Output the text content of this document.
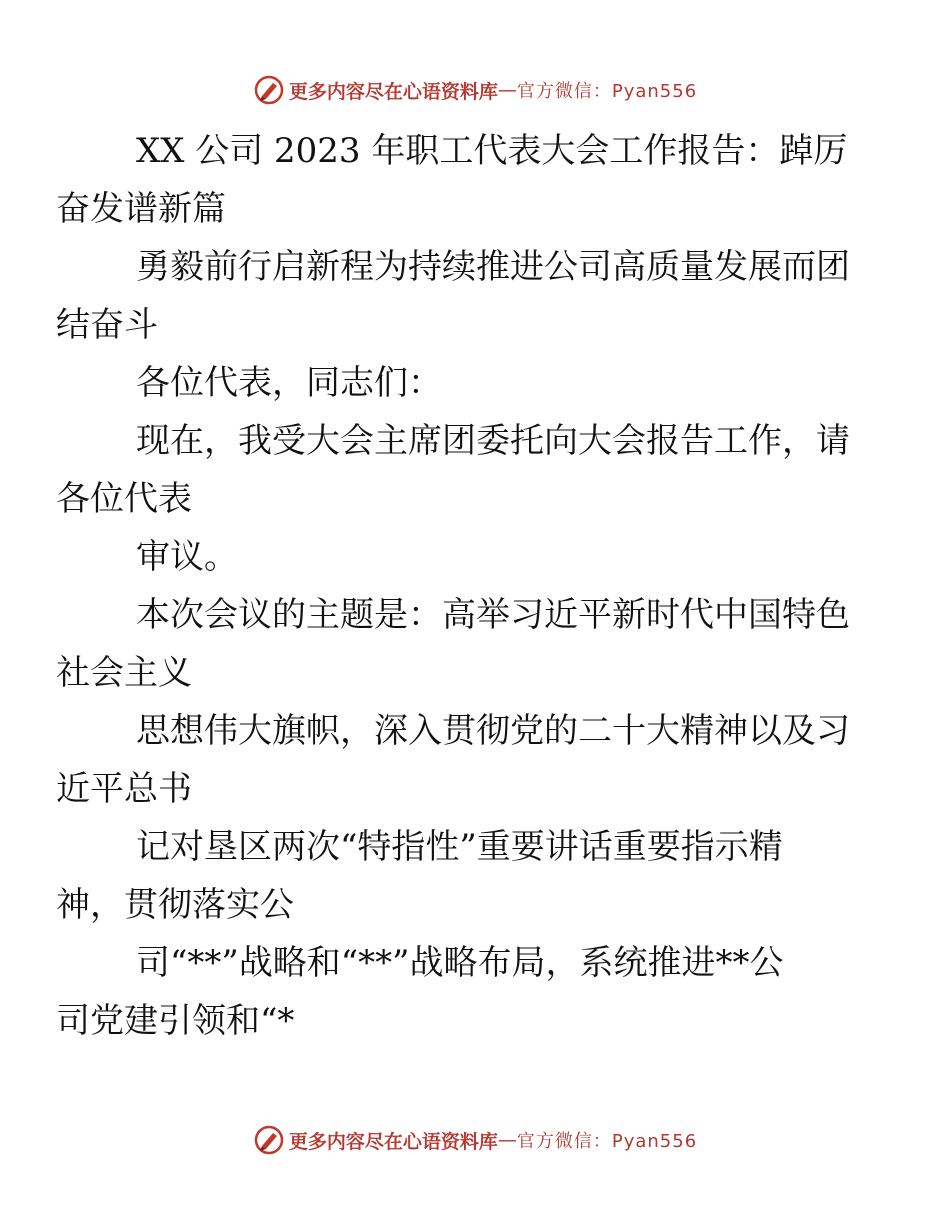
更多内容尽在心语资料库 — 官方微信：Pyan556

XX 公司 2023 年职工代表大会工作报告：踔厉
奋发谱新篇

勇毅前行启新程为持续推进公司高质量发展而团
结奋斗

各位代表，同志们：

现在，我受大会主席团委托向大会报告工作，请
各位代表

审议。

本次会议的主题是：高举习近平新时代中国特色
社会主义

思想伟大旗帜，深入贯彻党的二十大精神以及习
近平总书

记对垦区两次“特指性”重要讲话重要指示精
神，贯彻落实公

司“**”战略和“**”战略布局，系统推进**公
司党建引领和“*

更多内容尽在心语资料库 — 官方微信：Pyan556
